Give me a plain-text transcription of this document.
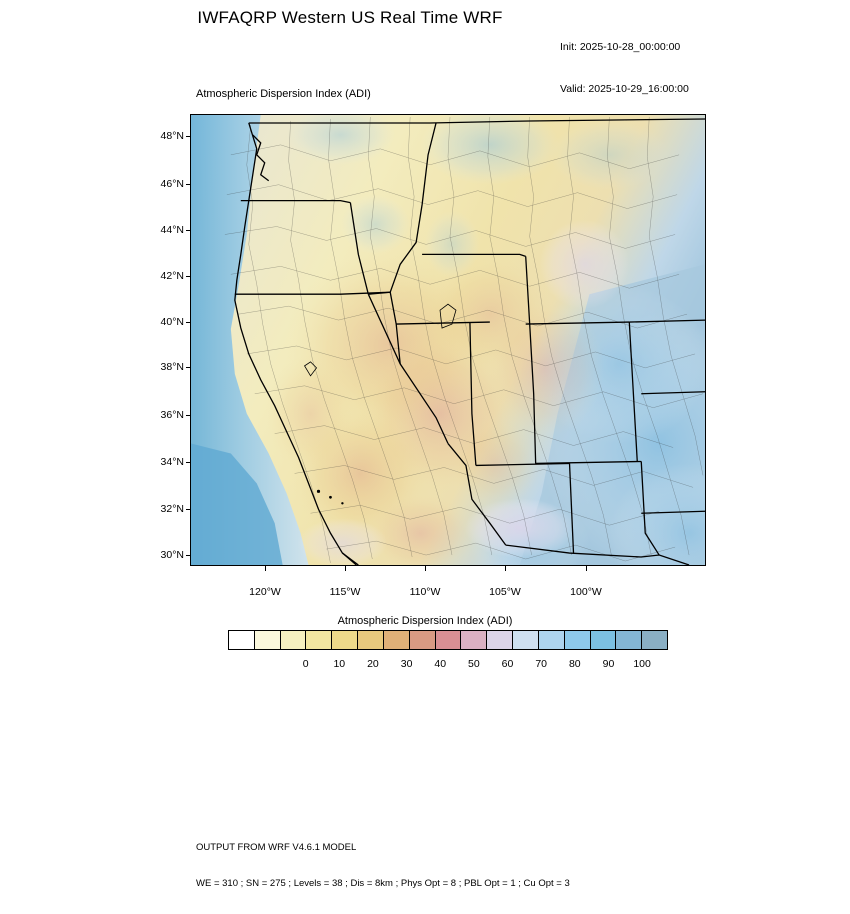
IWFAQRP Western US Real Time WRF

Init: 2025-10-28_00:00:00

Valid: 2025-10-29_16:00:00

Atmospheric Dispersion Index (ADI)
48°N
46°N
44°N
42°N
40°N
38°N
36°N
34°N
32°N
30°N
120°W	115°W	110°W	105°W	100°W
Atmospheric Dispersion Index (ADI)
0 10 20 30 40 50 60 70 80 90 100

OUTPUT FROM WRF V4.6.1 MODEL

WE = 310 ; SN = 275 ; Levels = 38 ; Dis = 8km ; Phys Opt = 8 ; PBL Opt = 1 ; Cu Opt = 3
